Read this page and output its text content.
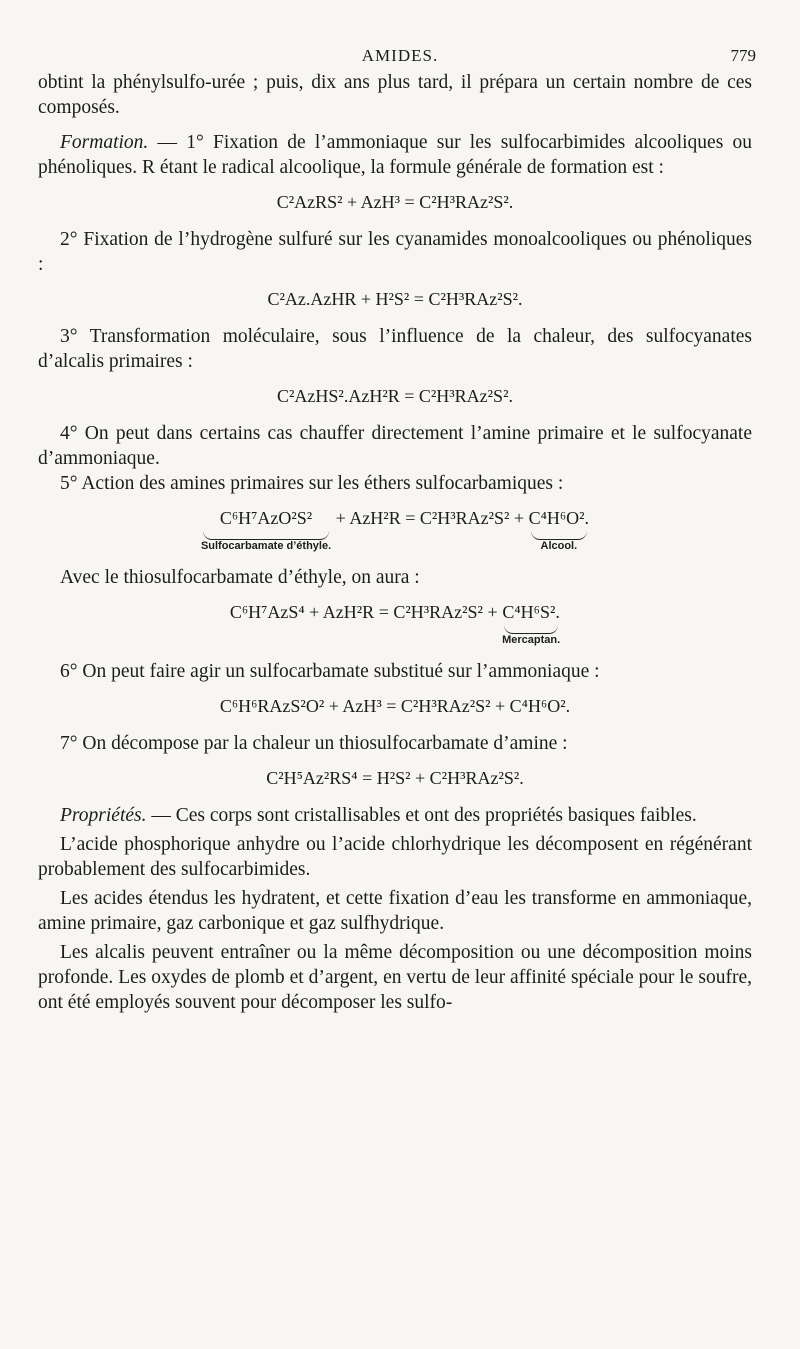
AMIDES.	779

obtint la phénylsulfo-urée ; puis, dix ans plus tard, il prépara un certain nombre de ces composés.

Formation. — 1° Fixation de l’ammoniaque sur les sulfocarbimides alcooliques ou phénoliques. R étant le radical alcoolique, la formule générale de formation est :

C²AzRS² + AzH³ = C²H³RAz²S².

2° Fixation de l’hydrogène sulfuré sur les cyanamides monoalcooliques ou phénoliques :

C²Az.AzHR + H²S² = C²H³RAz²S².

3° Transformation moléculaire, sous l’influence de la chaleur, des sulfocyanates d’alcalis primaires :

C²AzHS².AzH²R = C²H³RAz²S².

4° On peut dans certains cas chauffer directement l’amine primaire et le sulfocyanate d’ammoniaque.

5° Action des amines primaires sur les éthers sulfocarbamiques :

C⁶H⁷AzO²S²
Sulfocarbamate d’éthyle.
+ AzH²R = C²H³RAz²S² + C⁴H⁶O².
Alcool.

Avec le thiosulfocarbamate d’éthyle, on aura :

C⁶H⁷AzS⁴ + AzH²R = C²H³RAz²S² + C⁴H⁶S².
Mercaptan.

6° On peut faire agir un sulfocarbamate substitué sur l’ammoniaque :

C⁶H⁶RAzS²O² + AzH³ = C²H³RAz²S² + C⁴H⁶O².

7° On décompose par la chaleur un thiosulfocarbamate d’amine :

C²H⁵Az²RS⁴ = H²S² + C²H³RAz²S².

Propriétés. — Ces corps sont cristallisables et ont des propriétés basiques faibles.

L’acide phosphorique anhydre ou l’acide chlorhydrique les décomposent en régénérant probablement des sulfocarbimides.

Les acides étendus les hydratent, et cette fixation d’eau les transforme en ammoniaque, amine primaire, gaz carbonique et gaz sulfhydrique.

Les alcalis peuvent entraîner ou la même décomposition ou une décomposition moins profonde. Les oxydes de plomb et d’argent, en vertu de leur affinité spéciale pour le soufre, ont été employés souvent pour décomposer les sulfo-
